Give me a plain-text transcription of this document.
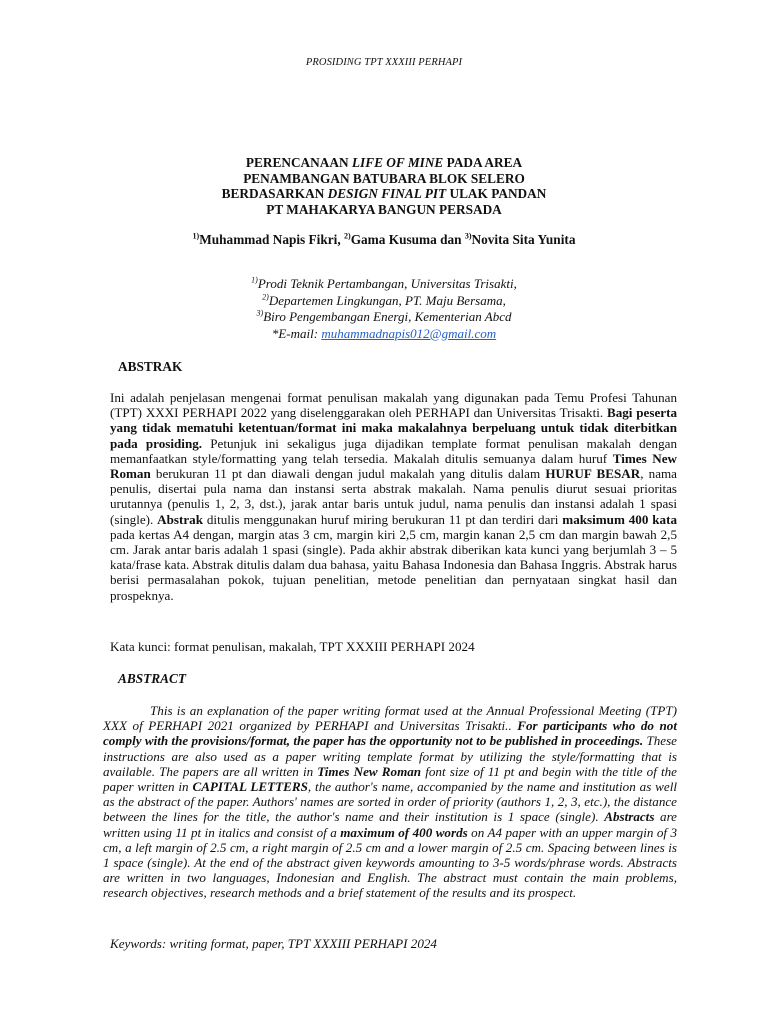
PROSIDING TPT XXXIII PERHAPI
PERENCANAAN LIFE OF MINE PADA AREA
PENAMBANGAN BATUBARA BLOK SELERO
BERDASARKAN DESIGN FINAL PIT ULAK PANDAN
PT MAHAKARYA BANGUN PERSADA
$^{1)}$Muhammad Napis Fikri, $^{2)}$Gama Kusuma dan $^{3)}$Novita Sita Yunita
$^{1)}$Prodi Teknik Pertambangan, Universitas Trisakti,
$^{2)}$Departemen Lingkungan, PT. Maju Bersama,
$^{3)}$Biro Pengembangan Energi, Kementerian Abcd
*E-mail: muhammadnapis012@gmail.com
ABSTRAK
Ini adalah penjelasan mengenai format penulisan makalah yang digunakan pada Temu Profesi Tahunan (TPT) XXXI PERHAPI 2022 yang diselenggarakan oleh PERHAPI dan Universitas Trisakti. Bagi peserta yang tidak mematuhi ketentuan/format ini maka makalahnya berpeluang untuk tidak diterbitkan pada prosiding. Petunjuk ini sekaligus juga dijadikan template format penulisan makalah dengan memanfaatkan style/formatting yang telah tersedia. Makalah ditulis semuanya dalam huruf Times New Roman berukuran 11 pt dan diawali dengan judul makalah yang ditulis dalam HURUF BESAR, nama penulis, disertai pula nama dan instansi serta abstrak makalah. Nama penulis diurut sesuai prioritas urutannya (penulis 1, 2, 3, dst.), jarak antar baris untuk judul, nama penulis dan instansi adalah 1 spasi (single). Abstrak ditulis menggunakan huruf miring berukuran 11 pt dan terdiri dari maksimum 400 kata pada kertas A4 dengan, margin atas 3 cm, margin kiri 2,5 cm, margin kanan 2,5 cm dan margin bawah 2,5 cm. Jarak antar baris adalah 1 spasi (single). Pada akhir abstrak diberikan kata kunci yang berjumlah 3 – 5 kata/frase kata. Abstrak ditulis dalam dua bahasa, yaitu Bahasa Indonesia dan Bahasa Inggris. Abstrak harus berisi permasalahan pokok, tujuan penelitian, metode penelitian dan pernyataan singkat hasil dan prospeknya.
Kata kunci: format penulisan, makalah, TPT XXXIII PERHAPI 2024
ABSTRACT
This is an explanation of the paper writing format used at the Annual Professional Meeting (TPT) XXX of PERHAPI 2021 organized by PERHAPI and Universitas Trisakti.. For participants who do not comply with the provisions/format, the paper has the opportunity not to be published in proceedings. These instructions are also used as a paper writing template format by utilizing the style/formatting that is available. The papers are all written in Times New Roman font size of 11 pt and begin with the title of the paper written in CAPITAL LETTERS, the author's name, accompanied by the name and institution as well as the abstract of the paper. Authors' names are sorted in order of priority (authors 1, 2, 3, etc.), the distance between the lines for the title, the author's name and their institution is 1 space (single). Abstracts are written using 11 pt in italics and consist of a maximum of 400 words on A4 paper with an upper margin of 3 cm, a left margin of 2.5 cm, a right margin of 2.5 cm and a lower margin of 2.5 cm. Spacing between lines is 1 space (single). At the end of the abstract given keywords amounting to 3-5 words/phrase words. Abstracts are written in two languages, Indonesian and English. The abstract must contain the main problems, research objectives, research methods and a brief statement of the results and its prospect.
Keywords: writing format, paper, TPT XXXIII PERHAPI 2024
